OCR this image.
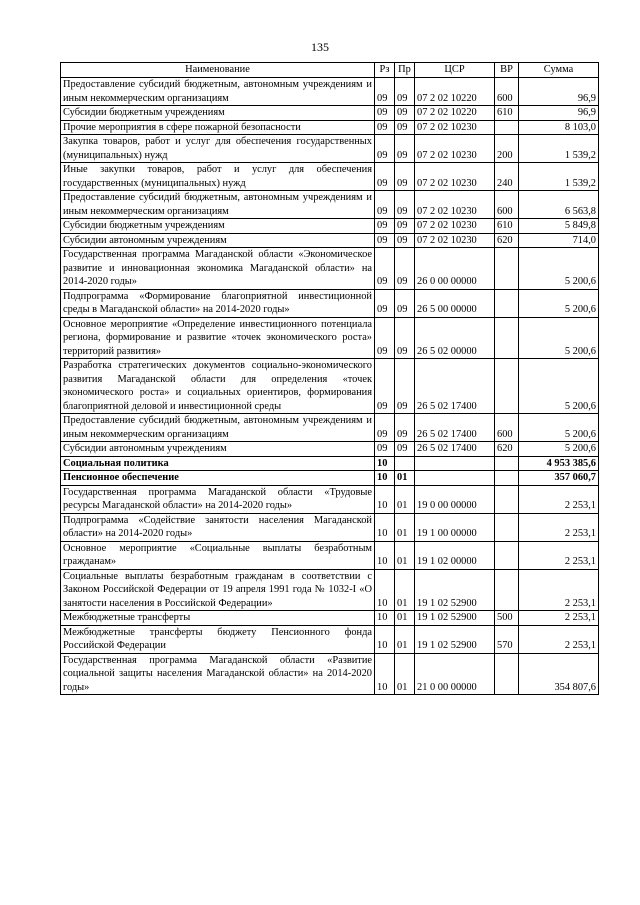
135
Наименование	Рз	Пр	ЦСР	ВР	Сумма
Предоставление субсидий бюджетным, автономным учреждениям и иным некоммерческим организациям	09	09	07 2 02 10220	600	96,9
Субсидии бюджетным учреждениям	09	09	07 2 02 10220	610	96,9
Прочие мероприятия в сфере пожарной безопасности	09	09	07 2 02 10230		8 103,0
Закупка товаров, работ и услуг для обеспечения государственных (муниципальных) нужд	09	09	07 2 02 10230	200	1 539,2
Иные закупки товаров, работ и услуг для обеспечения государственных (муниципальных) нужд	09	09	07 2 02 10230	240	1 539,2
Предоставление субсидий бюджетным, автономным учреждениям и иным некоммерческим организациям	09	09	07 2 02 10230	600	6 563,8
Субсидии бюджетным учреждениям	09	09	07 2 02 10230	610	5 849,8
Субсидии автономным учреждениям	09	09	07 2 02 10230	620	714,0
Государственная программа Магаданской области «Экономическое развитие и инновационная экономика Магаданской области» на 2014-2020 годы»	09	09	26 0 00 00000		5 200,6
Подпрограмма «Формирование благоприятной инвестиционной среды в Магаданской области» на 2014-2020 годы»	09	09	26 5 00 00000		5 200,6
Основное мероприятие «Определение инвестиционного потенциала региона, формирование и развитие «точек экономического роста» территорий развития»	09	09	26 5 02 00000		5 200,6
Разработка стратегических документов социально-экономического развития Магаданской области для определения «точек экономического роста» и социальных ориентиров, формирования благоприятной деловой и инвестиционной среды	09	09	26 5 02 17400		5 200,6
Предоставление субсидий бюджетным, автономным учреждениям и иным некоммерческим организациям	09	09	26 5 02 17400	600	5 200,6
Субсидии автономным учреждениям	09	09	26 5 02 17400	620	5 200,6
Социальная политика	10				4 953 385,6
Пенсионное обеспечение	10	01			357 060,7
Государственная программа Магаданской области «Трудовые ресурсы Магаданской области» на 2014-2020 годы»	10	01	19 0 00 00000		2 253,1
Подпрограмма «Содействие занятости населения Магаданской области» на 2014-2020 годы»	10	01	19 1 00 00000		2 253,1
Основное мероприятие «Социальные выплаты безработным гражданам»	10	01	19 1 02 00000		2 253,1
Социальные выплаты безработным гражданам в соответствии с Законом Российской Федерации от 19 апреля 1991 года № 1032-I «О занятости населения в Российской Федерации»	10	01	19 1 02 52900		2 253,1
Межбюджетные трансферты	10	01	19 1 02 52900	500	2 253,1
Межбюджетные трансферты бюджету Пенсионного фонда Российской Федерации	10	01	19 1 02 52900	570	2 253,1
Государственная программа Магаданской области «Развитие социальной защиты населения Магаданской области» на 2014-2020 годы»	10	01	21 0 00 00000		354 807,6
